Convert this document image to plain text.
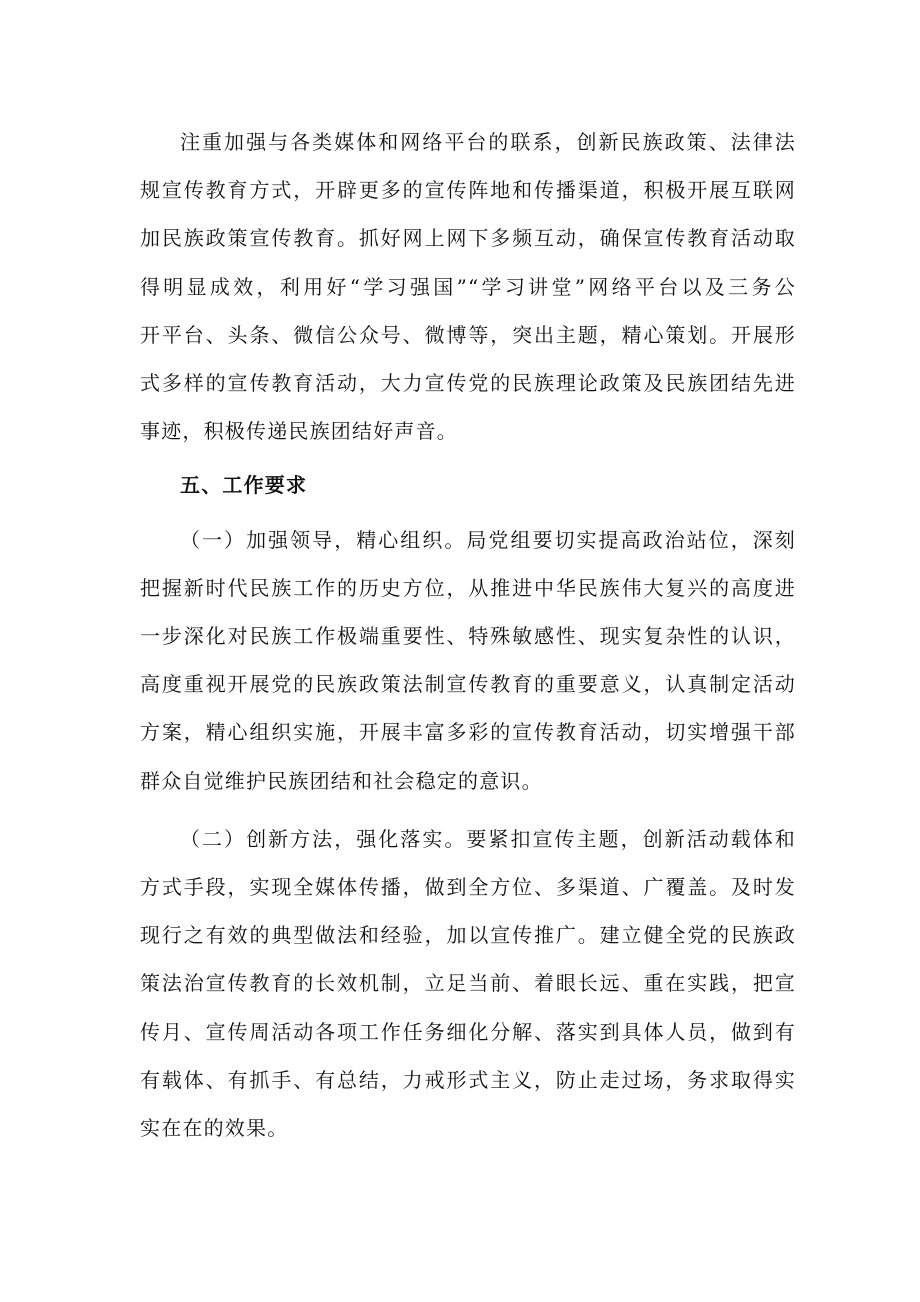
注重加强与各类媒体和网络平台的联系，创新民族政策、法律法
规宣传教育方式，开辟更多的宣传阵地和传播渠道，积极开展互联网
加民族政策宣传教育。抓好网上网下多频互动，确保宣传教育活动取
得明显成效，利用好“学习强国”“学习讲堂”网络平台以及三务公
开平台、头条、微信公众号、微博等，突出主题，精心策划。开展形
式多样的宣传教育活动，大力宣传党的民族理论政策及民族团结先进
事迹，积极传递民族团结好声音。
五、工作要求
（一）加强领导，精心组织。局党组要切实提高政治站位，深刻
把握新时代民族工作的历史方位，从推进中华民族伟大复兴的高度进
一步深化对民族工作极端重要性、特殊敏感性、现实复杂性的认识，
高度重视开展党的民族政策法制宣传教育的重要意义，认真制定活动
方案，精心组织实施，开展丰富多彩的宣传教育活动，切实增强干部
群众自觉维护民族团结和社会稳定的意识。
（二）创新方法，强化落实。要紧扣宣传主题，创新活动载体和
方式手段，实现全媒体传播，做到全方位、多渠道、广覆盖。及时发
现行之有效的典型做法和经验，加以宣传推广。建立健全党的民族政
策法治宣传教育的长效机制，立足当前、着眼长远、重在实践，把宣
传月、宣传周活动各项工作任务细化分解、落实到具体人员，做到有
有载体、有抓手、有总结，力戒形式主义，防止走过场，务求取得实
实在在的效果。
